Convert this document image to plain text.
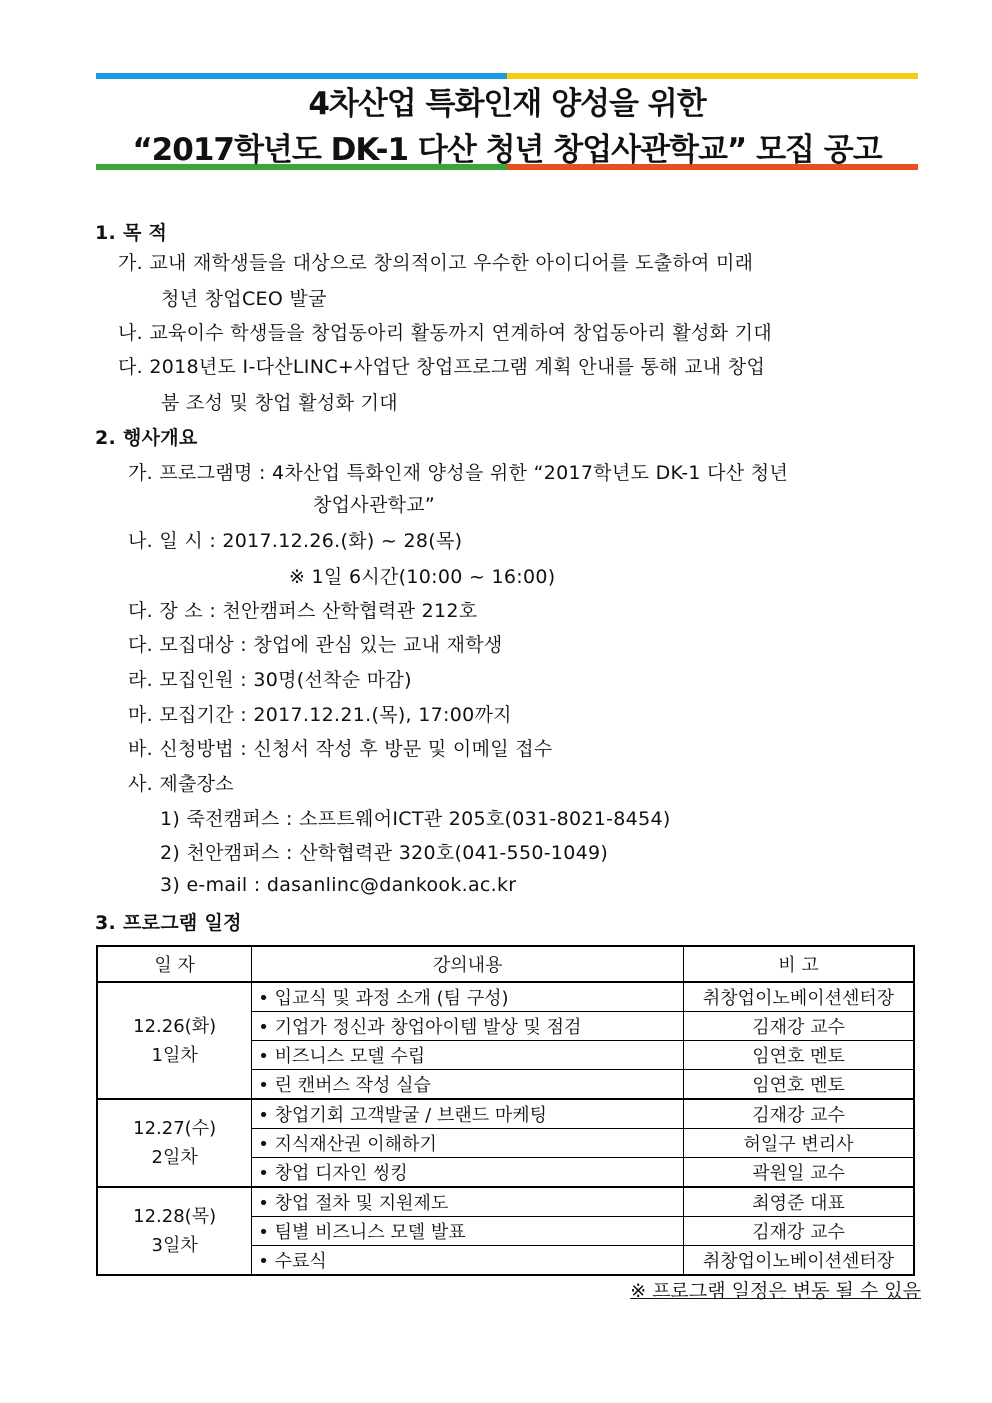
4차산업 특화인재 양성을 위한
“2017학년도 DK-1 다산 청년 창업사관학교” 모집 공고
1. 목 적
가. 교내 재학생들을 대상으로 창의적이고 우수한 아이디어를 도출하여 미래
청년 창업CEO 발굴
나. 교육이수 학생들을 창업동아리 활동까지 연계하여 창업동아리 활성화 기대
다. 2018년도 I-다산LINC+사업단 창업프로그램 계획 안내를 통해 교내 창업
붐 조성 및 창업 활성화 기대
2. 행사개요
가. 프로그램명 : 4차산업 특화인재 양성을 위한 “2017학년도 DK-1 다산 청년
창업사관학교”
나. 일 시 : 2017.12.26.(화) ~ 28(목)
※ 1일 6시간(10:00 ~ 16:00)
다. 장 소 : 천안캠퍼스 산학협력관 212호
다. 모집대상 : 창업에 관심 있는 교내 재학생
라. 모집인원 : 30명(선착순 마감)
마. 모집기간 : 2017.12.21.(목), 17:00까지
바. 신청방법 : 신청서 작성 후 방문 및 이메일 접수
사. 제출장소
1) 죽전캠퍼스 : 소프트웨어ICT관 205호(031-8021-8454)
2) 천안캠퍼스 : 산학협력관 320호(041-550-1049)
3) e-mail : dasanlinc@dankook.ac.kr
3. 프로그램 일정
일 자	강의내용	비 고

12.26(화)
1일차	• 입교식 및 과정 소개 (팀 구성)	취창업이노베이션센터장
	• 기업가 정신과 창업아이템 발상 및 점검	김재강 교수
	• 비즈니스 모델 수립	임연호 멘토
	• 린 캔버스 작성 실습	임연호 멘토

12.27(수)
2일차	• 창업기회 고객발굴 / 브랜드 마케팅	김재강 교수
	• 지식재산권 이해하기	허일구 변리사
	• 창업 디자인 씽킹	곽원일 교수

12.28(목)
3일차	• 창업 절차 및 지원제도	최영준 대표
	• 팀별 비즈니스 모델 발표	김재강 교수
	• 수료식	취창업이노베이션센터장
※ 프로그램 일정은 변동 될 수 있음
